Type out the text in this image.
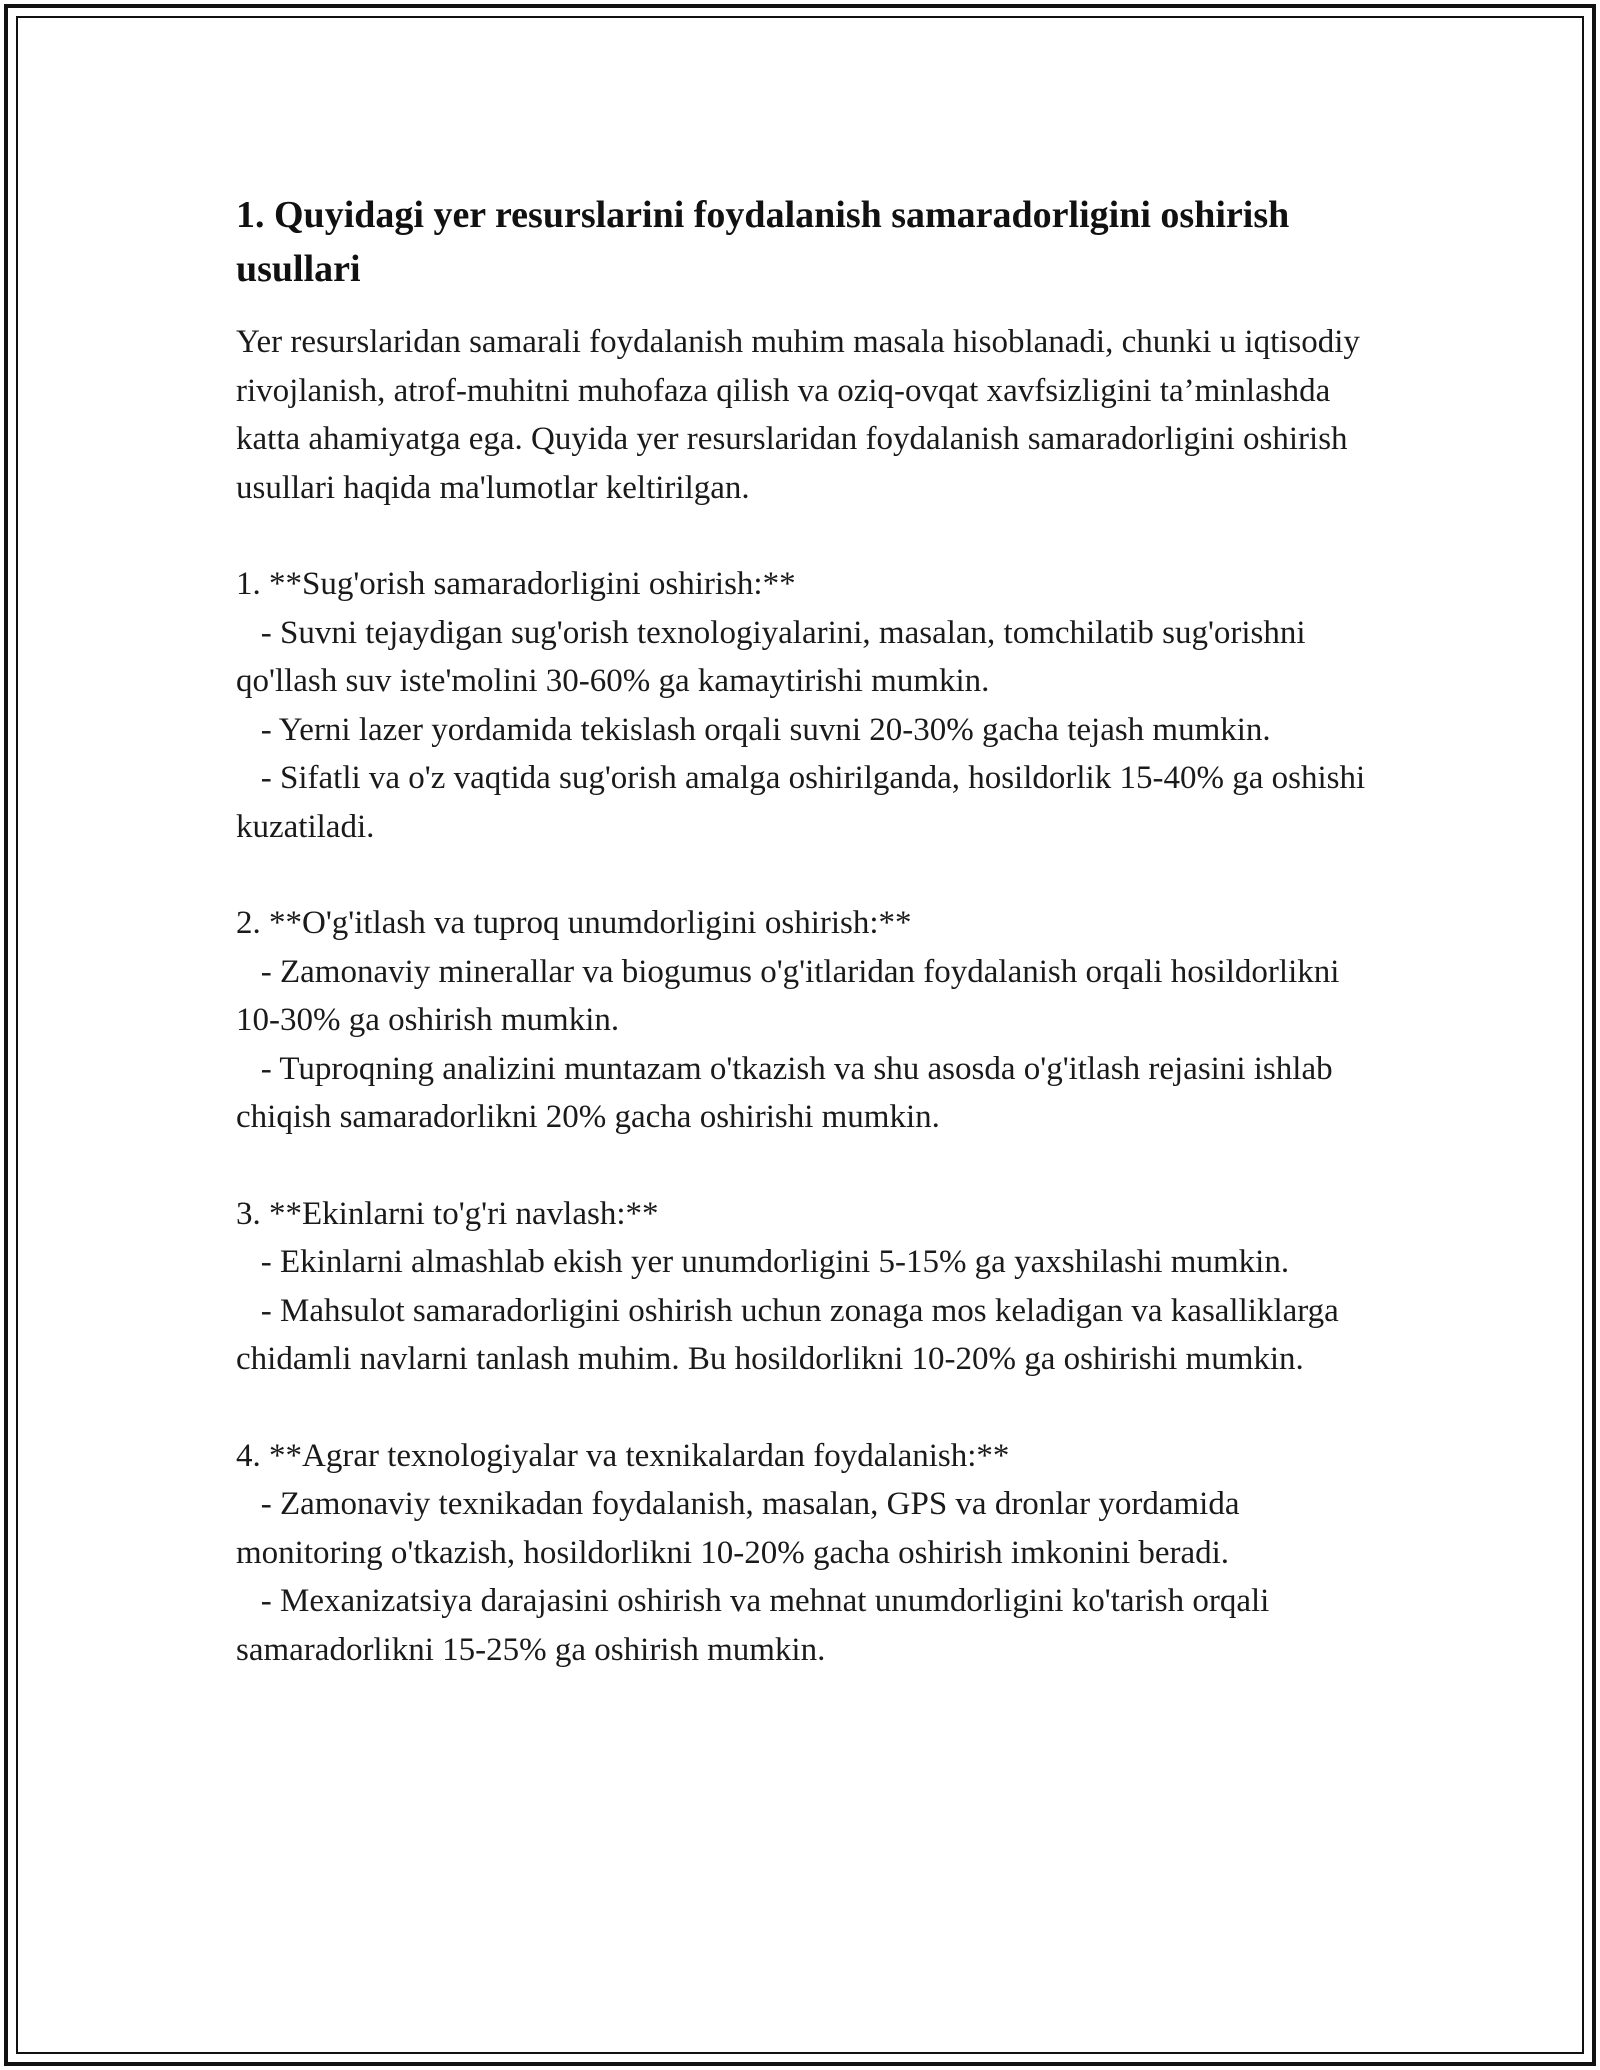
1. Quyidagi yer resurslarini foydalanish samaradorligini oshirish usullari

Yer resurslaridan samarali foydalanish muhim masala hisoblanadi, chunki u iqtisodiy rivojlanish, atrof-muhitni muhofaza qilish va oziq-ovqat xavfsizligini ta’minlashda katta ahamiyatga ega. Quyida yer resurslaridan foydalanish samaradorligini oshirish usullari haqida ma'lumotlar keltirilgan.

1. **Sug'orish samaradorligini oshirish:**

- Suvni tejaydigan sug'orish texnologiyalarini, masalan, tomchilatib sug'orishni qo'llash suv iste'molini 30-60% ga kamaytirishi mumkin.

- Yerni lazer yordamida tekislash orqali suvni 20-30% gacha tejash mumkin.

- Sifatli va o'z vaqtida sug'orish amalga oshirilganda, hosildorlik 15-40% ga oshishi kuzatiladi.

2. **O'g'itlash va tuproq unumdorligini oshirish:**

- Zamonaviy minerallar va biogumus o'g'itlaridan foydalanish orqali hosildorlikni 10-30% ga oshirish mumkin.

- Tuproqning analizini muntazam o'tkazish va shu asosda o'g'itlash rejasini ishlab chiqish samaradorlikni 20% gacha oshirishi mumkin.

3. **Ekinlarni to'g'ri navlash:**

- Ekinlarni almashlab ekish yer unumdorligini 5-15% ga yaxshilashi mumkin.

- Mahsulot samaradorligini oshirish uchun zonaga mos keladigan va kasalliklarga chidamli navlarni tanlash muhim. Bu hosildorlikni 10-20% ga oshirishi mumkin.

4. **Agrar texnologiyalar va texnikalardan foydalanish:**

- Zamonaviy texnikadan foydalanish, masalan, GPS va dronlar yordamida monitoring o'tkazish, hosildorlikni 10-20% gacha oshirish imkonini beradi.

- Mexanizatsiya darajasini oshirish va mehnat unumdorligini ko'tarish orqali samaradorlikni 15-25% ga oshirish mumkin.
